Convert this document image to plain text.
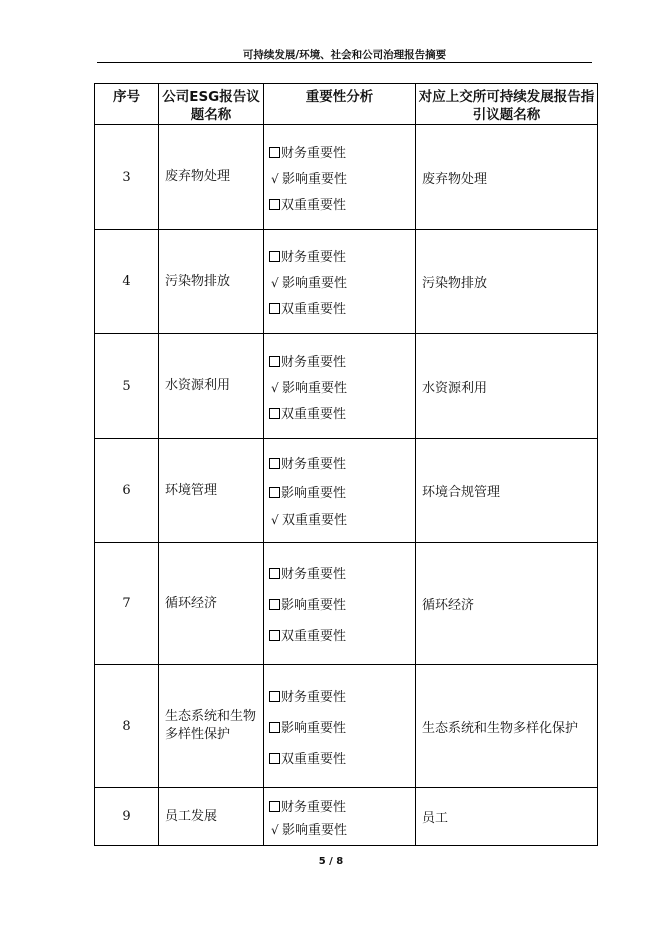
可持续发展/环境、社会和公司治理报告摘要
序号	公司ESG报告议题名称	重要性分析	对应上交所可持续发展报告指引议题名称
3	废弃物处理	财务重要性
√ 影响重要性
双重重要性	废弃物处理
4	污染物排放	财务重要性
√ 影响重要性
双重重要性	污染物排放
5	水资源利用	财务重要性
√ 影响重要性
双重重要性	水资源利用
6	环境管理	财务重要性
影响重要性
√ 双重重要性	环境合规管理
7	循环经济	财务重要性
影响重要性
双重重要性	循环经济
8	生态系统和生物多样性保护	财务重要性
影响重要性
双重重要性	生态系统和生物多样化保护
9	员工发展	财务重要性
√ 影响重要性	员工
5 / 8
